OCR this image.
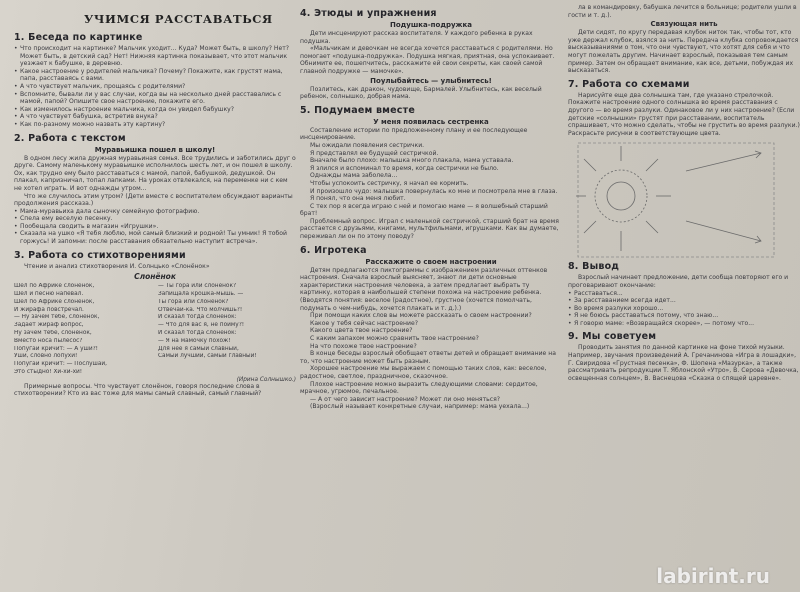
УЧИМСЯ РАССТАВАТЬСЯ
1. Беседа по картинке
• Что происходит на картинке? Мальчик уходит... Куда? Может быть, в школу? Нет? Может быть, в детский сад? Нет! Нижняя картинка показывает, что этот мальчик уезжает к бабушке, в деревню.
• Какое настроение у родителей мальчика? Почему? Покажите, как грустят мама, папа, расставаясь с вами.
• А что чувствует мальчик, прощаясь с родителями?
• Вспомните, бывали ли у вас случаи, когда вы на несколько дней расставались с мамой, папой? Опишите свое настроение, покажите его.
• Как изменилось настроение мальчика, когда он увидел бабушку?
• А что чувствует бабушка, встретив внука?
• Как по-разному можно назвать эту картину?
2. Работа с текстом
Муравьишка пошел в школу!

В одном лесу жила дружная муравьиная семья. Все трудились и заботились друг о друге. Самому маленькому муравьишке исполнилось шесть лет, и он пошел в школу. Ох, как трудно ему было расставаться с мамой, папой, бабушкой, дедушкой. Он плакал, капризничал, топал лапками. На уроках отвлекался, на переменке ни с кем не хотел играть. И вот однажды утром...

Что же случилось этим утром? (Дети вместе с воспитателем обсуждают варианты продолжения рассказа.)

• Мама-муравьиха дала сыночку семейную фотографию.
• Спела ему веселую песенку.
• Пообещала сводить в магазин «Игрушки».
• Сказала на ушко «Я тебя люблю, мой самый близкий и родной! Ты умник! Я тобой горжусь! И запомни: после расставания обязательно наступит встреча».
3. Работа со стихотворениями

Чтение и анализ стихотворения И. Солнцько «Слонёнок»

Слонёнок
Шёл по Африке слонёнок,
Шёл и песню напевал.
Шёл по Африке слонёнок,
И жирафа повстречал.
— Ну зачем тебе, слонёнок,
Задает жираф вопрос,
Ну зачем тебе, слонёнок,
Вместо носа пылесос?
Попугай кричит: — А уши?!
Уши, словно лопухи!
Попугай кричит: — Послушай,
Это стыдно! Хи-хи-хи!
— Ты гора или слонёнок?
Запищала крошка-мышь. —
Ты гора или слонёнок?
Отвечай-ка. Что молчишь?!
И сказал тогда слонёнок:
— Что для вас я, не пойму?!
И сказал тогда слонёнок:
— Я на мамочку похож!
Для неё я самый славный,
Самый лучший, самый главный!
(Ирина Солнышко.)

Примерные вопросы. Что чувствует слонёнок, говоря последние слова в стихотворении? Кто из вас тоже для мамы самый славный, самый главный?

4. Этюды и упражнения
Подушка-подружка

Дети инсценируют рассказ воспитателя. У каждого ребенка в руках подушка.

«Мальчикам и девочкам не всегда хочется расставаться с родителями. Но помогает «подушка-подружка». Подушка мягкая, приятная, она успокаивает. Обнимите ее, пошепчитесь, расскажите ей свои секреты, как своей самой главной подружке — мамочке».

Поулыбайтесь — улыбнитесь!

Позлитесь, как дракон, чудовище, Бармалей. Улыбнитесь, как веселый ребенок, солнышко, добрая мама.

5. Подумаем вместе
У меня появилась сестренка

Составление истории по предложенному плану и ее последующее инсценирование.

Мы ожидали появления сестрички.

Я представлял ее будущей сестричкой.

Вначале было плохо: малышка много плакала, мама уставала.

Я злился и вспоминал то время, когда сестрички не было.

Однажды мама заболела...

Чтобы успокоить сестричку, я начал ее кормить.

И произошло чудо: малышка повернулась ко мне и посмотрела мне в глаза.

Я понял, что она меня любит.

С тех пор я всегда играю с ней и помогаю маме — я волшебный старший брат!

Проблемный вопрос. Играл с маленькой сестричкой, старший брат на время расстается с друзьями, книгами, мультфильмами, игрушками. Как вы думаете, переживал ли он по этому поводу?

6. Игротека
Расскажите о своем настроении

Детям предлагаются пиктограммы с изображением различных оттенков настроения. Сначала взрослый выясняет, знают ли дети основные характеристики настроения человека, а затем предлагает выбрать ту картинку, которая в наибольшей степени похожа на настроение ребенка. (Вводятся понятия: веселое (радостное), грустное (хочется помолчать, подумать о чем-нибудь, хочется плакать и т. д.).)

При помощи каких слов вы можете рассказать о своем настроении?

Какое у тебя сейчас настроение?

Какого цвета твое настроение?

С каким запахом можно сравнить твое настроение?

На что похоже твое настроение?

В конце беседы взрослый обобщает ответы детей и обращает внимание на то, что настроение может быть разным.

Хорошее настроение мы выражаем с помощью таких слов, как: веселое, радостное, светлое, праздничное, сказочное.

Плохое настроение можно выразить следующими словами: сердитое, мрачное, угрюмое, печальное.

— А от чего зависит настроение? Может ли оно меняться?

(Взрослый называет конкретные случаи, например: мама уехала...)

ла в командировку, бабушка лечится в больнице; родители ушли в гости и т. д.).

Связующая нить

Дети сидят, по кругу передавая клубок ниток так, чтобы тот, кто уже держал клубок, взялся за нить. Передача клубка сопровождается высказываниями о том, что они чувствуют, что хотят для себя и что могут пожелать другим. Начинает взрослый, показывая тем самым пример. Затем он обращает внимание, как все, детьми, побуждая их высказаться.

7. Работа со схемами

Нарисуйте еще два солнышка там, где указано стрелочкой. Покажите настроение одного солнышка во время расставания с другого — во время разлуки. Одинаковое ли у них настроение? (Если детские «солнышки» грустят при расставании, воспитатель спрашивает, что можно сделать, чтобы не грустить во время разлуки.) Раскрасьте рисунки в соответствующие цвета.

8. Вывод

Взрослый начинает предложение, дети сообща повторяют его и проговаривают окончание:

• Расставаться...
• За расставанием всегда идет...
• Во время разлуки хорошо...
• Я не боюсь расставаться потому, что знаю...
• Я говорю маме: «Возвращайся скорее», — потому что...
9. Мы советуем

Проводить занятия по данной картинке на фоне тихой музыки. Например, звучания произведений А. Гречанинова «Игра в лошадки», Г. Свиридова «Грустная песенка», Ф. Шопена «Мазурка», а также рассматривать репродукции Т. Яблонской «Утро», В. Серова «Девочка, освещенная солнцем», В. Васнецова «Сказка о спящей царевне».

labirint.ru
